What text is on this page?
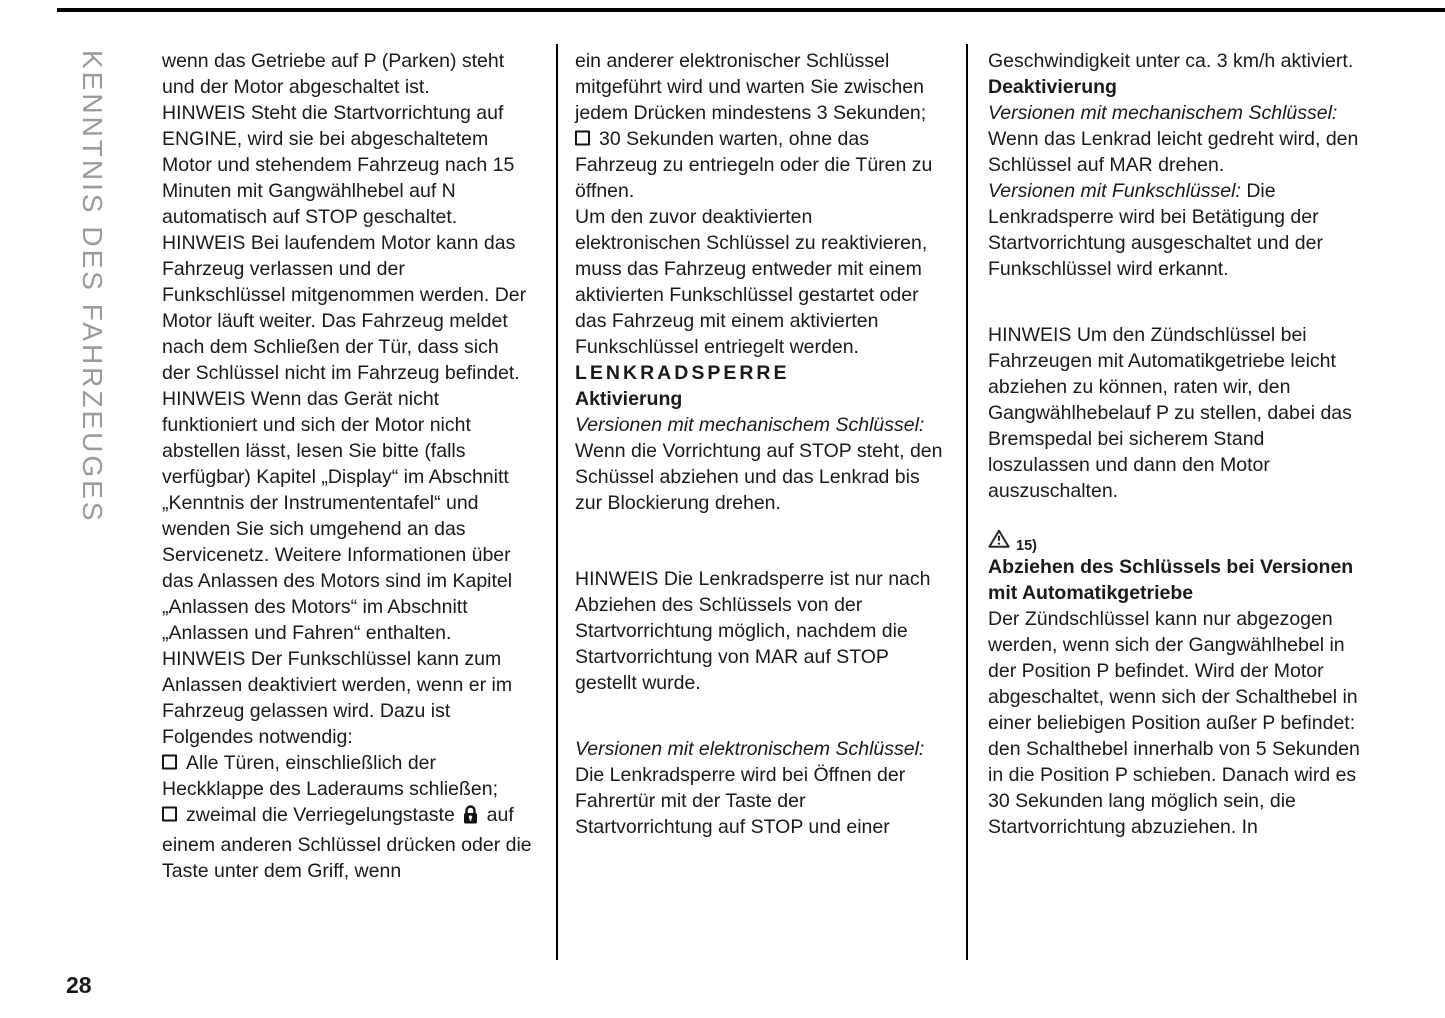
KENNTNIS DES FAHRZEUGES	wenn das Getriebe auf P (Parken) steht und der Motor abgeschaltet ist.

HINWEIS Steht die Startvorrichtung auf ENGINE, wird sie bei abgeschaltetem Motor und stehendem Fahrzeug nach 15 Minuten mit Gangwählhebel auf N automatisch auf STOP geschaltet.

HINWEIS Bei laufendem Motor kann das Fahrzeug verlassen und der Funkschlüssel mitgenommen werden. Der Motor läuft weiter. Das Fahrzeug meldet nach dem Schließen der Tür, dass sich der Schlüssel nicht im Fahrzeug befindet.

HINWEIS Wenn das Gerät nicht funktioniert und sich der Motor nicht abstellen lässt, lesen Sie bitte (falls verfügbar) Kapitel „Display“ im Abschnitt „Kenntnis der Instrumententafel“ und wenden Sie sich umgehend an das Servicenetz. Weitere Informationen über das Anlassen des Motors sind im Kapitel „Anlassen des Motors“ im Abschnitt „Anlassen und Fahren“ enthalten.

HINWEIS Der Funkschlüssel kann zum Anlassen deaktiviert werden, wenn er im Fahrzeug gelassen wird. Dazu ist Folgendes notwendig:

Alle Türen, einschließlich der Heckklappe des Laderaums schließen;

zweimal die Verriegelungstaste auf einem anderen Schlüssel drücken oder die Taste unter dem Griff, wenn

ein anderer elektronischer Schlüssel mitgeführt wird und warten Sie zwischen jedem Drücken mindestens 3 Sekunden;

30 Sekunden warten, ohne das Fahrzeug zu entriegeln oder die Türen zu öffnen.

Um den zuvor deaktivierten elektronischen Schlüssel zu reaktivieren, muss das Fahrzeug entweder mit einem aktivierten Funkschlüssel gestartet oder das Fahrzeug mit einem aktivierten Funkschlüssel entriegelt werden.

LENKRADSPERRE

Aktivierung

Versionen mit mechanischem Schlüssel: Wenn die Vorrichtung auf STOP steht, den Schüssel abziehen und das Lenkrad bis zur Blockierung drehen.

HINWEIS Die Lenkradsperre ist nur nach Abziehen des Schlüssels von der Startvorrichtung möglich, nachdem die Startvorrichtung von MAR auf STOP gestellt wurde.

Versionen mit elektronischem Schlüssel: Die Lenkradsperre wird bei Öffnen der Fahrertür mit der Taste der Startvorrichtung auf STOP und einer

Geschwindigkeit unter ca. 3 km/h aktiviert.

Deaktivierung

Versionen mit mechanischem Schlüssel: Wenn das Lenkrad leicht gedreht wird, den Schlüssel auf MAR drehen.

Versionen mit Funkschlüssel: Die Lenkradsperre wird bei Betätigung der Startvorrichtung ausgeschaltet und der Funkschlüssel wird erkannt.

HINWEIS Um den Zündschlüssel bei Fahrzeugen mit Automatikgetriebe leicht abziehen zu können, raten wir, den Gangwählhebelauf P zu stellen, dabei das Bremspedal bei sicherem Stand loszulassen und dann den Motor auszuschalten.

15)

Abziehen des Schlüssels bei Versionen mit Automatikgetriebe

Der Zündschlüssel kann nur abgezogen werden, wenn sich der Gangwählhebel in der Position P befindet. Wird der Motor abgeschaltet, wenn sich der Schalthebel in einer beliebigen Position außer P befindet: den Schalthebel innerhalb von 5 Sekunden in die Position P schieben. Danach wird es 30 Sekunden lang möglich sein, die Startvorrichtung abzuziehen. In

28
